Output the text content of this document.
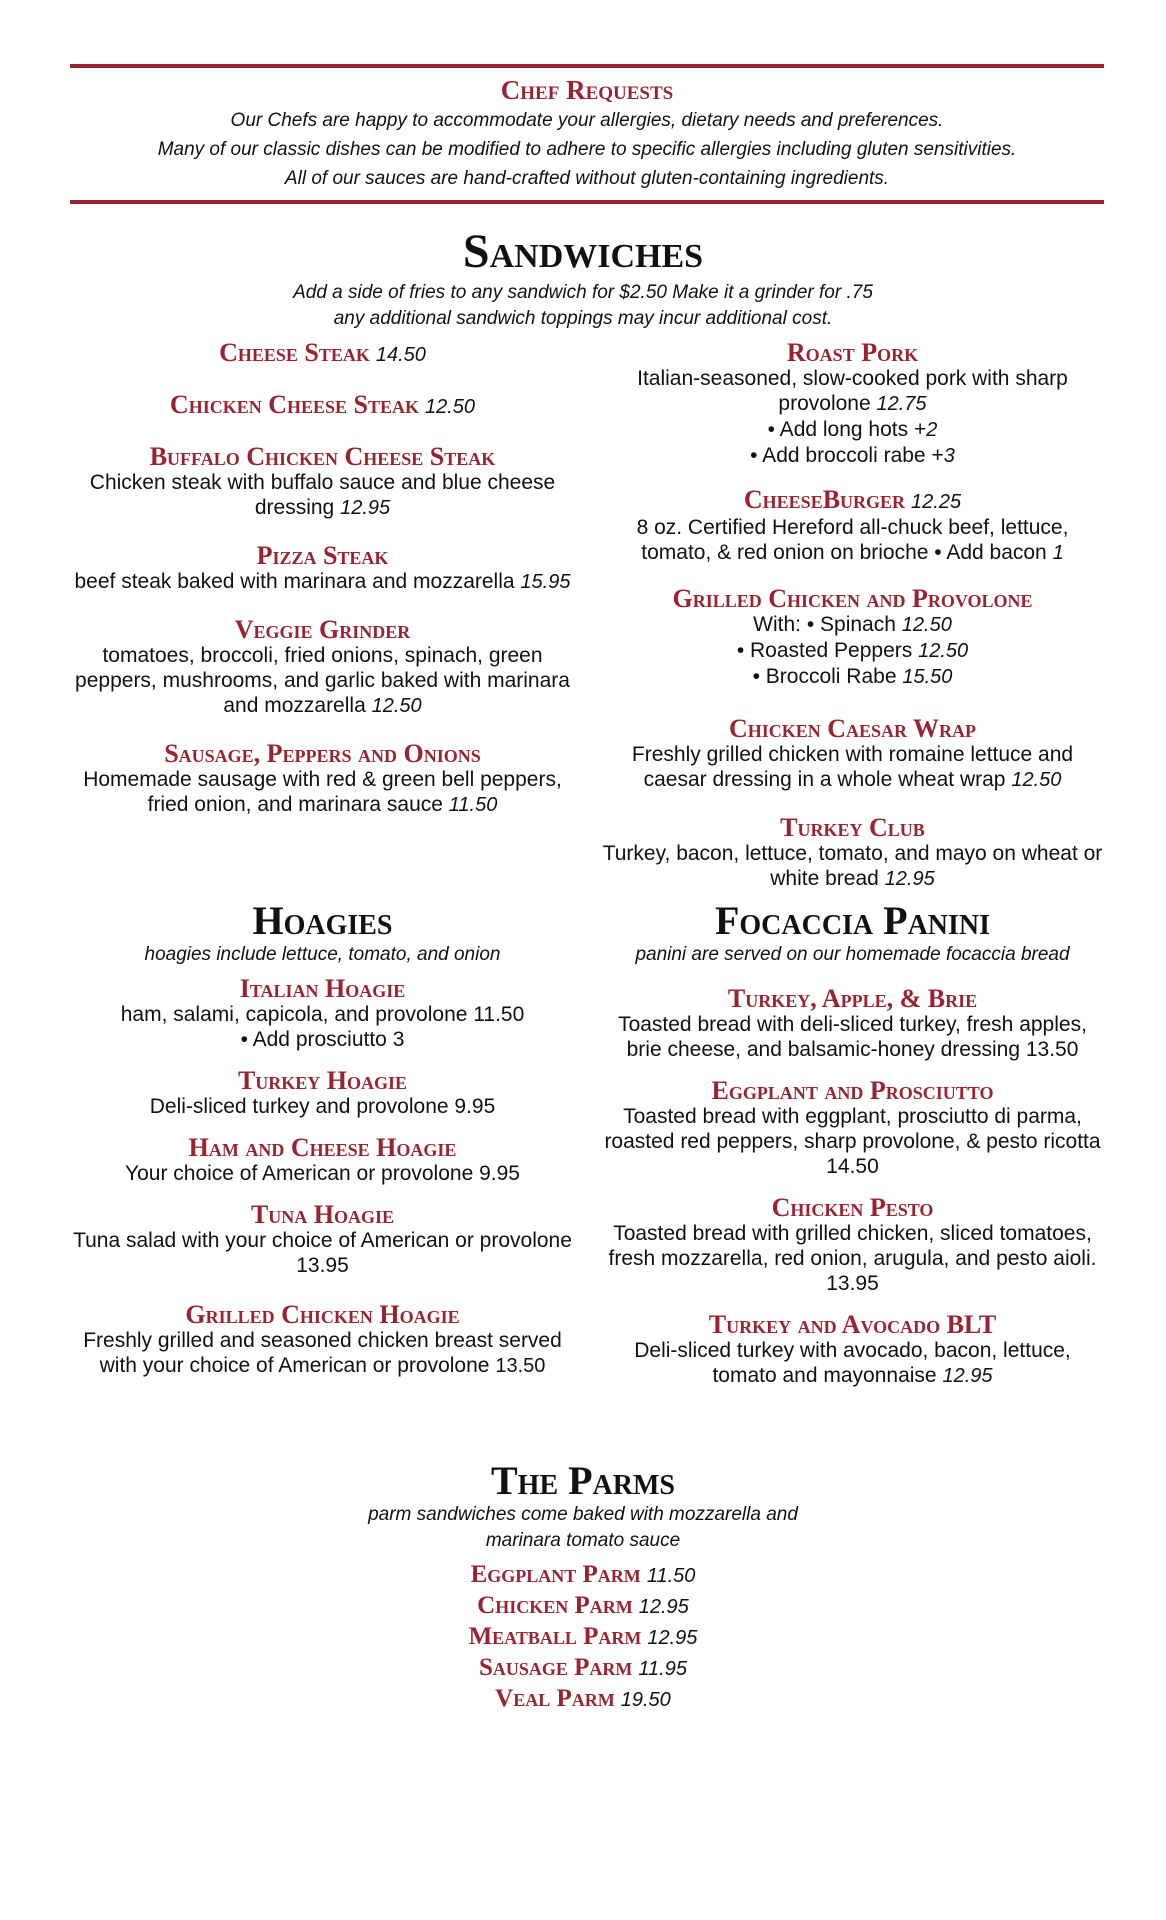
Chef Requests
Our Chefs are happy to accommodate your allergies, dietary needs and preferences.
Many of our classic dishes can be modified to adhere to specific allergies including gluten sensitivities.
All of our sauces are hand-crafted without gluten-containing ingredients.
Sandwiches
Add a side of fries to any sandwich for $2.50 Make it a grinder for .75
any additional sandwich toppings may incur additional cost.
Cheese Steak 14.50
Chicken Cheese Steak 12.50
Buffalo Chicken Cheese Steak
Chicken steak with buffalo sauce and blue cheese dressing 12.95
Pizza Steak
beef steak baked with marinara and mozzarella 15.95
Veggie Grinder
tomatoes, broccoli, fried onions, spinach, green peppers, mushrooms, and garlic baked with marinara and mozzarella 12.50
Sausage, Peppers and Onions
Homemade sausage with red & green bell peppers, fried onion, and marinara sauce 11.50
Roast Pork
Italian-seasoned, slow-cooked pork with sharp provolone 12.75
• Add long hots +2
• Add broccoli rabe +3
CheeseBurger 12.25
8 oz. Certified Hereford all-chuck beef, lettuce, tomato, & red onion on brioche • Add bacon 1
Grilled Chicken and Provolone
With: • Spinach 12.50
• Roasted Peppers 12.50
• Broccoli Rabe 15.50
Chicken Caesar Wrap
Freshly grilled chicken with romaine lettuce and caesar dressing in a whole wheat wrap 12.50
Turkey Club
Turkey, bacon, lettuce, tomato, and mayo on wheat or white bread 12.95
Hoagies
hoagies include lettuce, tomato, and onion
Italian Hoagie
ham, salami, capicola, and provolone 11.50
• Add prosciutto 3
Turkey Hoagie
Deli-sliced turkey and provolone 9.95
Ham and Cheese Hoagie
Your choice of American or provolone 9.95
Tuna Hoagie
Tuna salad with your choice of American or provolone 13.95
Grilled Chicken Hoagie
Freshly grilled and seasoned chicken breast served with your choice of American or provolone 13.50
Focaccia Panini
panini are served on our homemade focaccia bread
Turkey, Apple, & Brie
Toasted bread with deli-sliced turkey, fresh apples, brie cheese, and balsamic-honey dressing 13.50
Eggplant and Prosciutto
Toasted bread with eggplant, prosciutto di parma, roasted red peppers, sharp provolone, & pesto ricotta 14.50
Chicken Pesto
Toasted bread with grilled chicken, sliced tomatoes, fresh mozzarella, red onion, arugula, and pesto aioli. 13.95
Turkey and Avocado BLT
Deli-sliced turkey with avocado, bacon, lettuce, tomato and mayonnaise 12.95
The Parms
parm sandwiches come baked with mozzarella and
marinara tomato sauce
Eggplant Parm 11.50
Chicken Parm 12.95
Meatball Parm 12.95
Sausage Parm 11.95
Veal Parm 19.50
